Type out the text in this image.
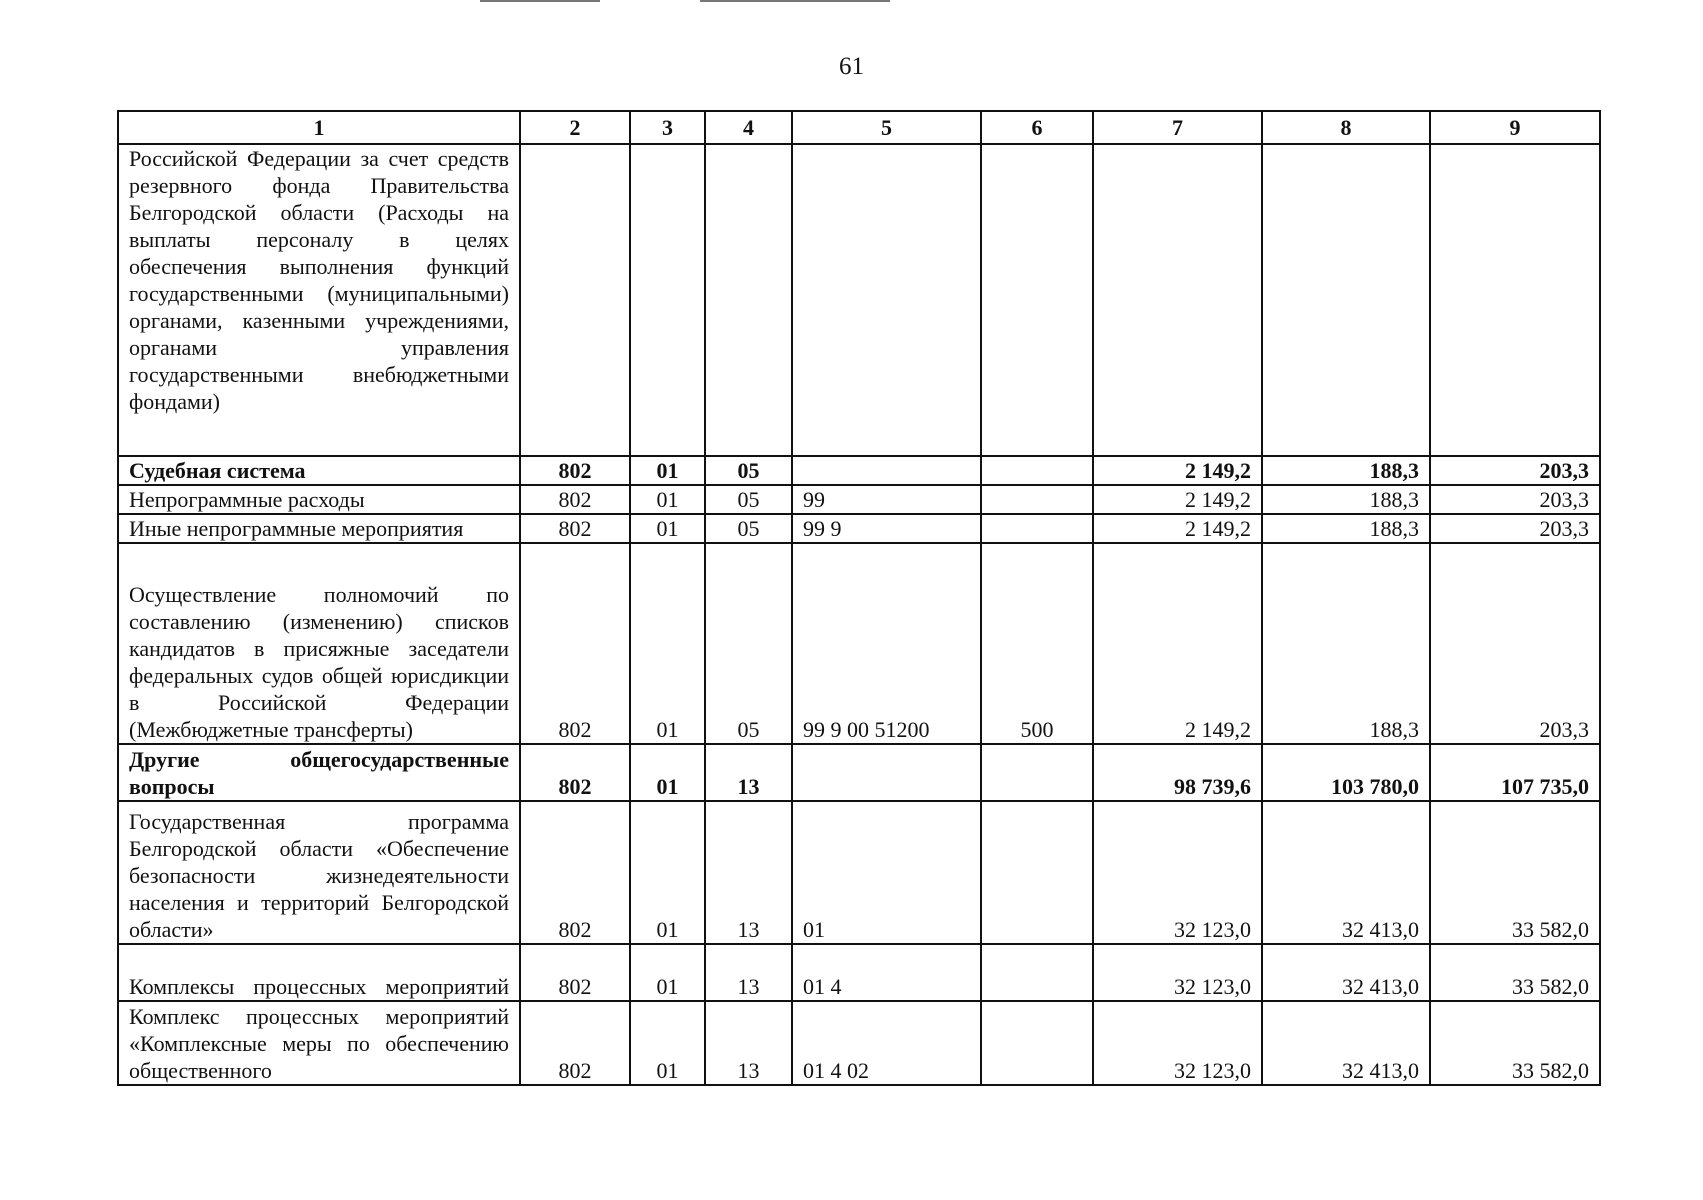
61
1	2	3	4	5	6	7	8	9
Российской Федерации за счет средств резервного фонда Правительства Белгородской области (Расходы на выплаты персоналу в целях обеспечения выполнения функций государственными (муниципальными) органами, казенными учреждениями, органами управления государственными внебюджетными фондами)								
Судебная система	802	01	05			2 149,2	188,3	203,3
Непрограммные расходы	802	01	05	99		2 149,2	188,3	203,3
Иные непрограммные мероприятия	802	01	05	99 9		2 149,2	188,3	203,3
Осуществление полномочий по составлению (изменению) списков кандидатов в присяжные заседатели федеральных судов общей юрисдикции в Российской Федерации (Межбюджетные трансферты)	802	01	05	99 9 00 51200	500	2 149,2	188,3	203,3
Другие общегосударственные вопросы	802	01	13			98 739,6	103 780,0	107 735,0
Государственная программа Белгородской области «Обеспечение безопасности жизнедеятельности населения и территорий Белгородской области»	802	01	13	01		32 123,0	32 413,0	33 582,0
Комплексы процессных мероприятий	802	01	13	01 4		32 123,0	32 413,0	33 582,0
Комплекс процессных мероприятий «Комплексные меры по обеспечению общественного	802	01	13	01 4 02		32 123,0	32 413,0	33 582,0
